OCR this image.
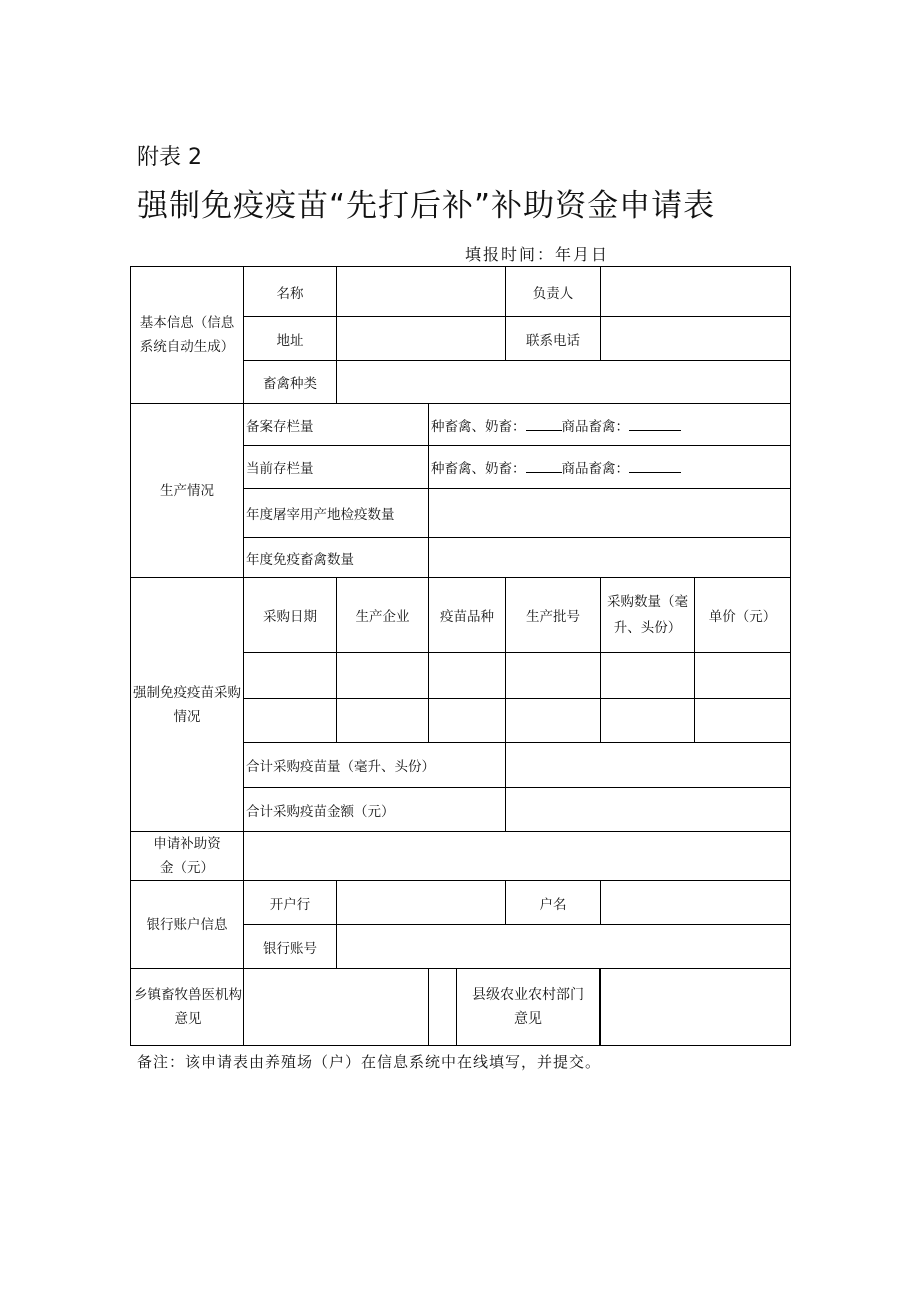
附表 2
强制免疫疫苗“先打后补”补助资金申请表
填报时间：年月日
基本信息（信息系统自动生成）	名称			负责人		
	地址			联系电话		
	畜禽种类					
生产情况	备案存栏量		种畜禽、奶畜： 商品畜禽：			
	当前存栏量		种畜禽、奶畜： 商品畜禽：			
	年度屠宰用产地检疫数量					
	年度免疫畜禽数量					
强制免疫疫苗采购情况	采购日期	生产企业	疫苗品种	生产批号	采购数量（毫升、头份）	单价（元）

	合计采购疫苗量（毫升、头份）					
	合计采购疫苗金额（元）					
申请补助资金（元）						
银行账户信息	开户行			户名		
	银行账号					
乡镇畜牧兽医机构意见			县级农业农村部门意见			

备注：该申请表由养殖场（户）在信息系统中在线填写，并提交。
